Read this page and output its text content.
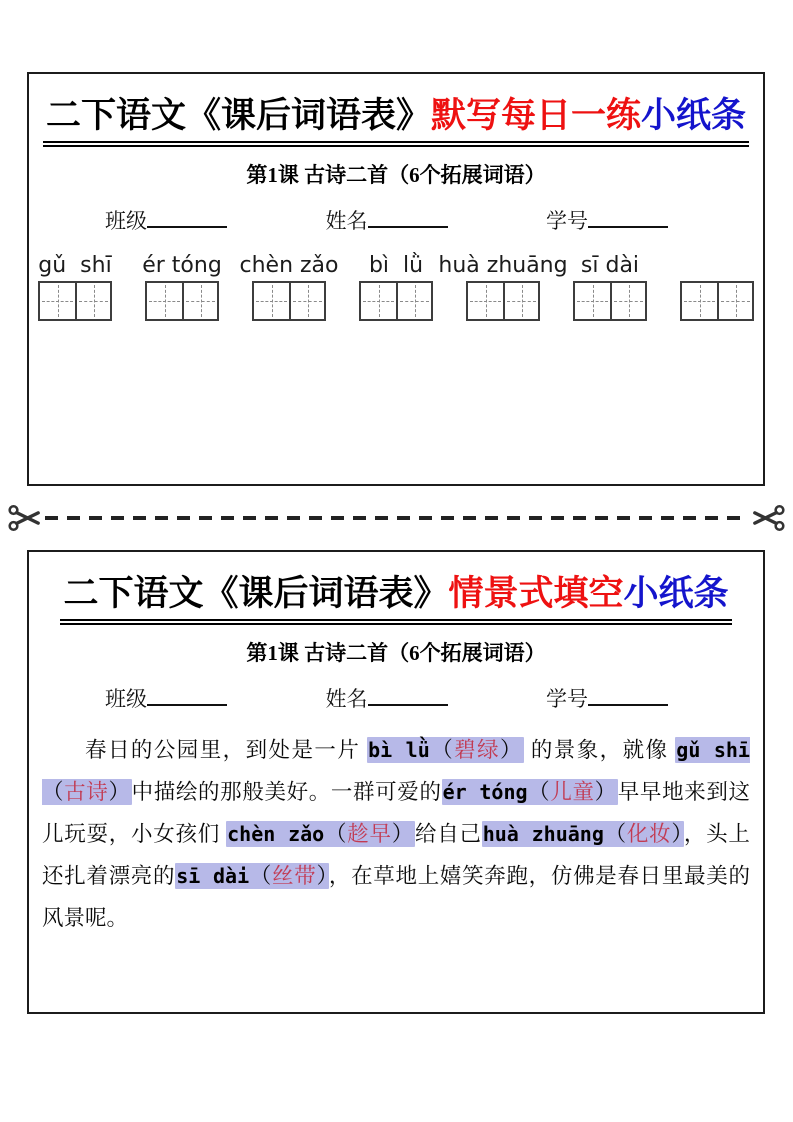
二下语文《课后词语表》默写每日一练小纸条
第1课 古诗二首（6个拓展词语）
班级	姓名	学号
gǔ  shī ér tóng chèn zǎo bì  lǜ huà zhuāng sī dài
二下语文《课后词语表》情景式填空小纸条
第1课 古诗二首（6个拓展词语）
班级	姓名	学号
春日的公园里，到处是一片 bì lǜ（碧绿） 的景象，就像 gǔ shī（古诗）中描绘的那般美好。一群可爱的ér tóng（儿童）早早地来到这儿玩耍，小女孩们 chèn zǎo（趁早）给自己huà zhuāng（化妆），头上还扎着漂亮的sī dài（丝带），在草地上嬉笑奔跑，仿佛是春日里最美的风景呢。
